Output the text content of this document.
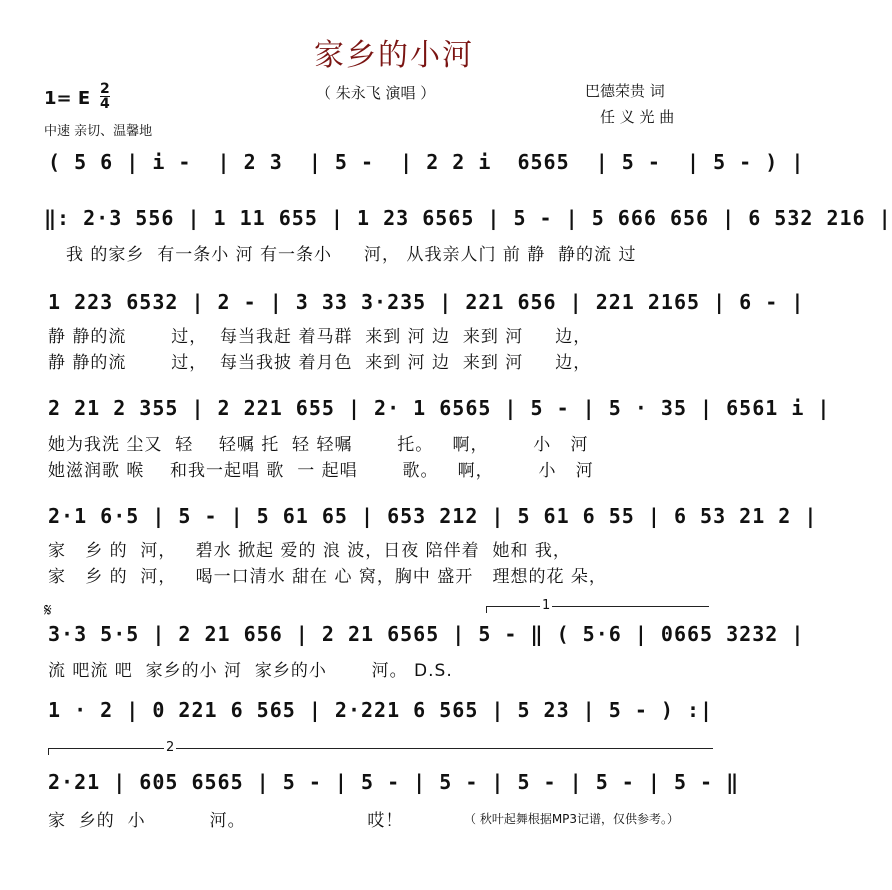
家乡的小河
（ 朱永飞 演唱 ）	巴德荣贵 词
任 义 光 曲
1= E 2
4
中速 亲切、温馨地
( 5 6 | i -  | 2 3  | 5 -  | 2 2 i  6565  | 5 -  | 5 - ) |
‖: 2·3 556 | 1 11 655 | 1 23 6565 | 5 - | 5 666 656 | 6 532 216 |
我 的家乡  有一条小 河 有一条小     河， 从我亲人门 前 静  静的流 过
1 223 6532 | 2 - | 3 33 3·235 | 221 656 | 221 2165 | 6 - |
静 静的流       过，  每当我赶 着马群  来到 河 边  来到 河     边，
静 静的流       过，  每当我披 着月色  来到 河 边  来到 河     边，
2 21 2 355 | 2 221 655 | 2· 1 6565 | 5 - | 5 · 35 | 6561 i |
她为我洗 尘又  轻    轻嘱 托  轻 轻嘱       托。   啊，       小   河
她滋润歌 喉    和我一起唱 歌  一 起唱       歌。   啊，       小   河
2·1 6·5 | 5 - | 5 61 65 | 653 212 | 5 61 6 55 | 6 53 21 2 |
家   乡 的  河，   碧水 掀起 爱的 浪 波，日夜 陪伴着  她和 我，
家   乡 的  河，   喝一口清水 甜在 心 窝，胸中 盛开   理想的花 朵，
𝄋	1
3·3 5·5 | 2 21 656 | 2 21 6565 | 5 - ‖ ( 5·6 | 0665 3232 |
流 吧流 吧  家乡的小 河  家乡的小       河。 D.S.
1 · 2 | 0 221 6 565 | 2·221 6 565 | 5 23 | 5 - ) :|
2
2·21 | 605 6565 | 5 - | 5 - | 5 - | 5 - | 5 - | 5 - ‖
家  乡的  小          河。                   哎！	（ 秋叶起舞根据MP3记谱，仅供参考。）
